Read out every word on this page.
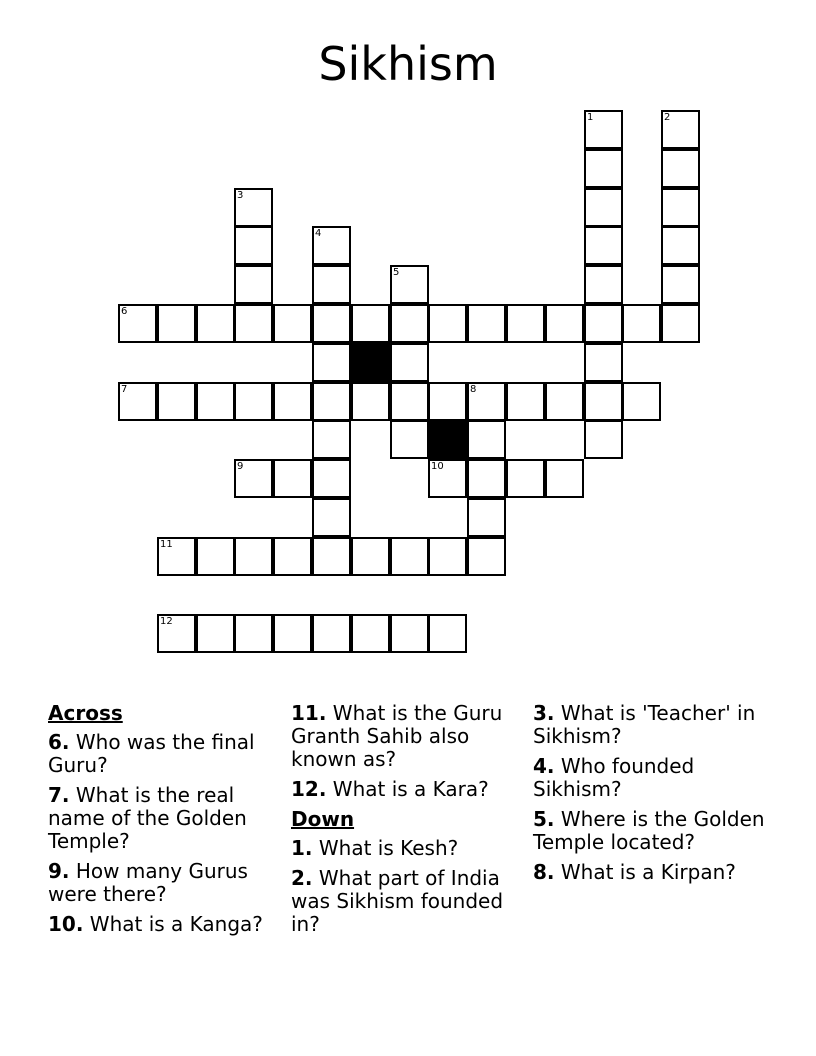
Sikhism
1	2
3
4
5
6
7	8
9	10
11
12
Across
6. Who was the final Guru?
7. What is the real name of the Golden Temple?
9. How many Gurus were there?
10. What is a Kanga?
11. What is the Guru Granth Sahib also known as?
12. What is a Kara?
Down
1. What is Kesh?
2. What part of India was Sikhism founded in?
3. What is 'Teacher' in Sikhism?
4. Who founded Sikhism?
5. Where is the Golden Temple located?
8. What is a Kirpan?
